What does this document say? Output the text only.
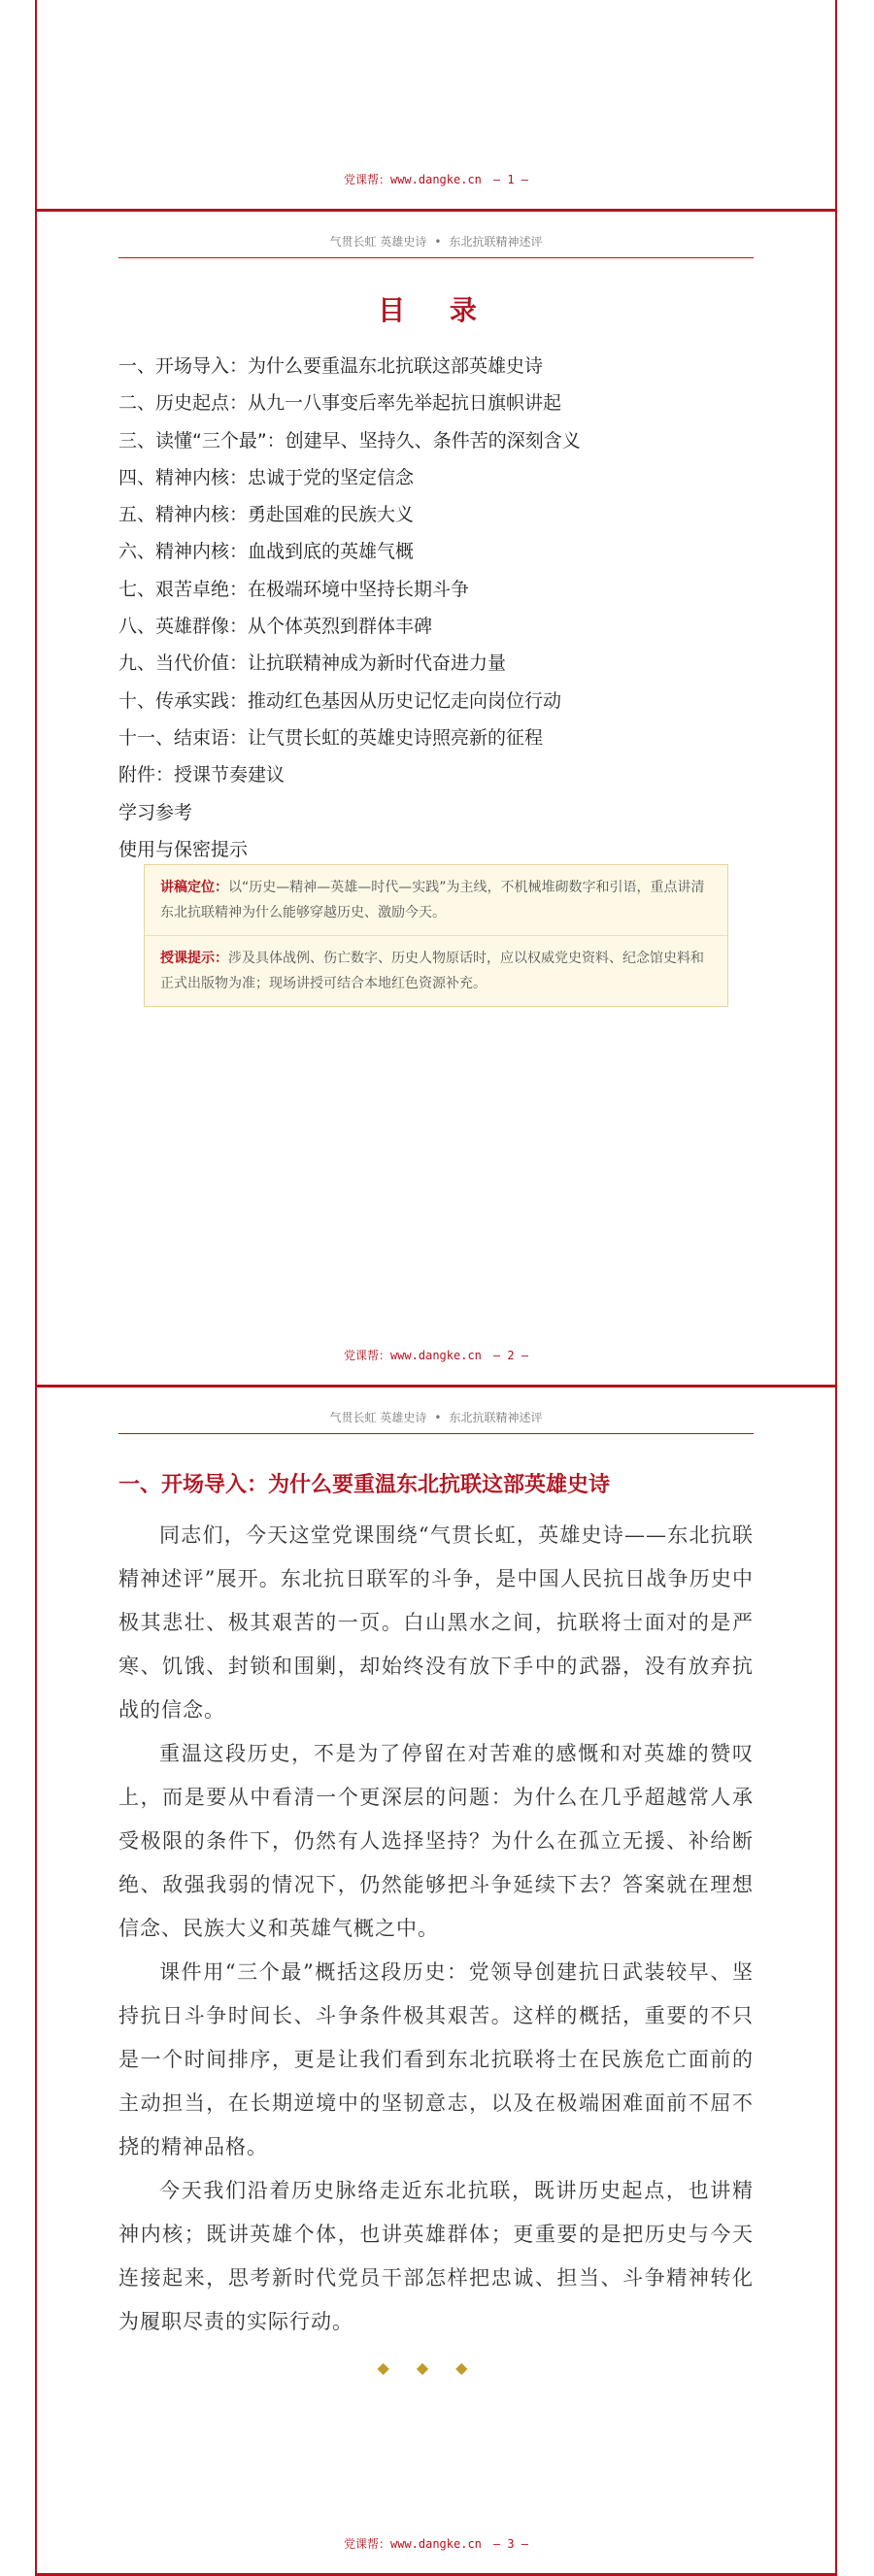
党课帮：www.dangke.cn — 1 —
气贯长虹 英雄史诗 • 东北抗联精神述评
目 录
一、开场导入：为什么要重温东北抗联这部英雄史诗
二、历史起点：从九一八事变后率先举起抗日旗帜讲起
三、读懂“三个最”：创建早、坚持久、条件苦的深刻含义
四、精神内核：忠诚于党的坚定信念
五、精神内核：勇赴国难的民族大义
六、精神内核：血战到底的英雄气概
七、艰苦卓绝：在极端环境中坚持长期斗争
八、英雄群像：从个体英烈到群体丰碑
九、当代价值：让抗联精神成为新时代奋进力量
十、传承实践：推动红色基因从历史记忆走向岗位行动
十一、结束语：让气贯长虹的英雄史诗照亮新的征程
附件：授课节奏建议
学习参考
使用与保密提示
讲稿定位：以“历史—精神—英雄—时代—实践”为主线，不机械堆砌数字和引语，重点讲清东北抗联精神为什么能够穿越历史、激励今天。
授课提示：涉及具体战例、伤亡数字、历史人物原话时，应以权威党史资料、纪念馆史料和正式出版物为准；现场讲授可结合本地红色资源补充。
党课帮：www.dangke.cn — 2 —
气贯长虹 英雄史诗 • 东北抗联精神述评
一、开场导入：为什么要重温东北抗联这部英雄史诗

同志们，今天这堂党课围绕“气贯长虹，英雄史诗——东北抗联精神述评”展开。东北抗日联军的斗争，是中国人民抗日战争历史中极其悲壮、极其艰苦的一页。白山黑水之间，抗联将士面对的是严寒、饥饿、封锁和围剿，却始终没有放下手中的武器，没有放弃抗战的信念。

重温这段历史，不是为了停留在对苦难的感慨和对英雄的赞叹上，而是要从中看清一个更深层的问题：为什么在几乎超越常人承受极限的条件下，仍然有人选择坚持？为什么在孤立无援、补给断绝、敌强我弱的情况下，仍然能够把斗争延续下去？答案就在理想信念、民族大义和英雄气概之中。

课件用“三个最”概括这段历史：党领导创建抗日武装较早、坚持抗日斗争时间长、斗争条件极其艰苦。这样的概括，重要的不只是一个时间排序，更是让我们看到东北抗联将士在民族危亡面前的主动担当，在长期逆境中的坚韧意志，以及在极端困难面前不屈不挠的精神品格。

今天我们沿着历史脉络走近东北抗联，既讲历史起点，也讲精神内核；既讲英雄个体，也讲英雄群体；更重要的是把历史与今天连接起来，思考新时代党员干部怎样把忠诚、担当、斗争精神转化为履职尽责的实际行动。

◆◆◆
党课帮：www.dangke.cn — 3 —
